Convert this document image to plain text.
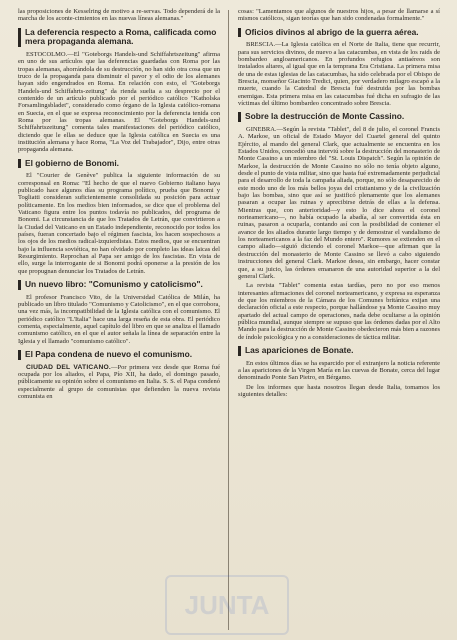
las proposiciones de Kesselring de motivo a re-servas. Todo dependerá de la marcha de los aconte-cimientos en las nuevas líneas alemanas."

La deferencia respecto a Roma, calificada como mera propaganda alemana.

ESTOCOLMO.—El "Goteborgs Handels-und Schiffahrtszeitung" afirma en uno de sus artículos que las deferencias guardadas con Roma por las tropas alemanas, ahorrándola de su destrucción, no han sido otra cosa que un truco de la propaganda para disminuir el pavor y el odio de los alemanes hayan sido engendrados en Roma. En relación con esto, el "Goteborgs Handels-und Schiffahrts-zeitung" da rienda suelta a su desprecio por el contenido de un artículo publicado por el periódico católico "Katholska Forsamlingsbladet", considerado como órgano de la Iglesia católico-romana en Suecia, en el que se expresa reconocimiento por la deferencia tenida con Roma por las tropas alemanas. El "Goteborgs Handels-und Schiffahrtszeitung" comenta tales manifestaciones del periódico católico, diciendo que le ellas se deduce que la Iglesia católica en Suecia es una institución alemana y hace Roma, "La Voz del Trabajador", Dijo, entre otras propaganda alemana.

El gobierno de Bonomi.

El "Courier de Genève" publica la siguiente información de su corresponsal en Roma: "El hecho de que el nuevo Gobierno italiano haya publicado hace algunos días su programa político, prueba que Bonomi y Togliatti consideran suficientemente consolidada su posición para actuar políticamente. En los medios bien informados, se dice que el problema del Vaticano figura entre los puntos todavía no publicados, del programa de Bonomi. La circunstancia de que los Tratados de Letrán, que convirtieron a la Ciudad del Vaticano en un Estado independiente, reconocido por todos los países, fueran concertado bajo el régimen fascista, los hacen sospechosos a los ojos de los medios radical-izquierdistas. Estos medios, que se encuentran bajo la influencia soviética, no han olvidado por completo las ideas laicas del Resurgimiento. Reprochan al Papa ser amigo de los fascistas. En vista de ello, surge la interrogante de si Bonomi podrá oponerse a la presión de los que propugnan denunciar los Tratados de Letrán.

Un nuevo libro: "Comunismo y catolicismo".

El profesor Francisco Vito, de la Universidad Católica de Milán, ha publicado un libro titulado "Comunismo y Catolicismo", en el que corrobora, una vez más, la incompatibilidad de la Iglesia católica con el comunismo. El periódico católico "L'Italia" hace una larga reseña de esta obra. El periódico comenta, especialmente, aquel capítulo del libro en que se analiza el llamado comunismo católico, en el que el autor señala la línea de separación entre la Iglesia y el llamado "comunismo católico".

El Papa condena de nuevo el comunismo.

CIUDAD DEL VATICANO.—Por primera vez desde que Roma fué ocupada por los aliados, el Papa, Pío XII, ha dado, el domingo pasado, públicamente su opinión sobre el comunismo en Italia. S. S. el Papa condenó especialmente al grupo de comunistas que defienden la nueva revista comunista en

cosas: "Lamentamos que algunos de nuestros hijos, a pesar de llamarse a sí mismos católicos, sigan teorías que han sido condenadas formalmente."

Oficios divinos al abrigo de la guerra aérea.

BRESCIA.—La Iglesia católica en el Norte de Italia, tiene que recurrir, para sus servicios divinos, de nuevo a las catacumbas, en vista de los raids de bombardeo angloamericanos. En profundos refugios antiaéreos son instalados altares, al igual que en la temprana Era Cristiana. La primera misa de una de estas iglesias de las catacumbas, ha sido celebrada por el Obispo de Brescia, monseñor Giacinto Tredici, quien, por verdadero milagro escapó a la muerte, cuando la Catedral de Brescia fué destruida por las bombas enemigas. Esta primera misa en las catacumbas fué dicha en sufragio de las víctimas del último bombardeo concentrado sobre Brescia.

Sobre la destrucción de Monte Cassino.

GINEBRA.—Según la revista "Tablet", del 8 de julio, el coronel Francis A. Markoe, un oficial de Estado Mayor del Cuartel general del quinto Ejército, al mando del general Clark, que actualmente se encuentra en los Estados Unidos, concedió una interviú sobre la destrucción del monasterio de Monte Cassino a un miembro del "St. Louis Dispatch". Según la opinión de Markoe, la destrucción de Monte Cassino no sólo no tenía objeto alguno, desde el punto de vista militar, sino que hasta fué extremadamente perjudicial para el desarrollo de toda la campaña aliada, porque, no sólo desaparecido de este modo uno de los más bellos joyas del cristianismo y de la civilización bajo las bombas, sino que así se justificó plenamente que los alemanes pasaran a ocupar las ruinas y aprecibirse detrás de ellas a la defensa. Mientras que, con anterioridad—y esto lo dice ahora el coronel norteamericano—, no había ocupado la abadía, al ser convertida ésta en ruinas, pasaron a ocuparla, contando así con la posibilidad de contener el avance de los aliados durante largo tiempo y de demostrar el vandalismo de los norteamericanos a la faz del Mundo entero". Rumores se extienden en el campo aliado—siguió diciendo el coronel Markoe—que afirman que la destrucción del monasterio de Monte Cassino se llevó a cabo siguiendo instrucciones del general Clark. Markoe desea, sin embargo, hacer constar que, a su juicio, las órdenes emanaron de una autoridad superior a la del general Clark.

La revista "Tablet" comenta estas tardías, pero no por eso menos interesantes afirmaciones del coronel norteamericano, y expresa su esperanza de que los miembros de la Cámara de los Comunes británica exijan una declaración oficial a este respecto, porque hallándose ya Monte Cassino muy apartado del actual campo de operaciones, nada debe ocultarse a la opinión pública mundial, aunque siempre se supuso que las órdenes dadas por el Alto Mando para la destrucción de Monte Cassino obedecieron más bien a razones de índole psicológica y no a consideraciones de táctica militar.

Las apariciones de Bonate.

En estos últimos días se ha esparcido por el extranjero la noticia referente a las apariciones de la Virgen María en las cuevas de Bonate, cerca del lugar denominado Ponte San Pietro, en Bérgamo.

De los informes que hasta nosotros llegan desde Italia, tomamos los siguientes detalles:

JUNTA
